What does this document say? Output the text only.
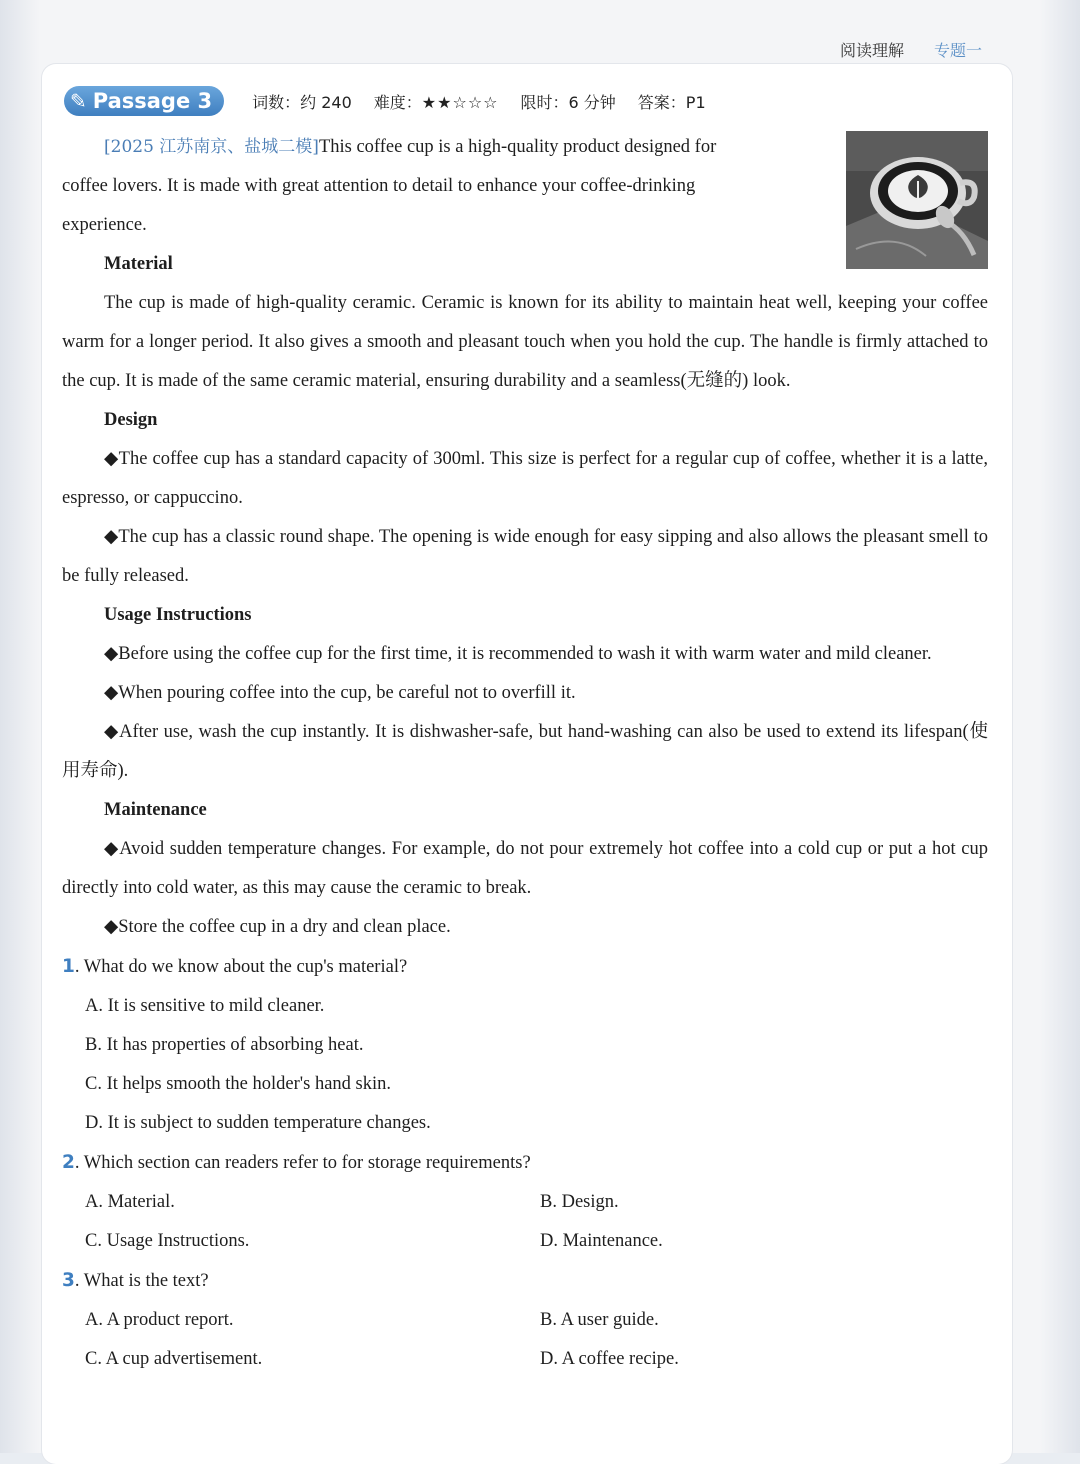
阅读理解 专题一
✎ Passage 3	词数：约 240 难度：★★☆☆☆ 限时：6 分钟 答案：P1

[2025 江苏南京、盐城二模]This coffee cup is a high-quality product designed for

coffee lovers. It is made with great attention to detail to enhance your coffee-drinking

experience.

Material

The cup is made of high-quality ceramic. Ceramic is known for its ability to maintain heat well, keeping your coffee warm for a longer period. It also gives a smooth and pleasant touch when you hold the cup. The handle is firmly attached to the cup. It is made of the same ceramic material, ensuring durability and a seamless(无缝的) look.

Design

◆The coffee cup has a standard capacity of 300ml. This size is perfect for a regular cup of coffee, whether it is a latte, espresso, or cappuccino.

◆The cup has a classic round shape. The opening is wide enough for easy sipping and also allows the pleasant smell to be fully released.

Usage Instructions

◆Before using the coffee cup for the first time, it is recommended to wash it with warm water and mild cleaner.

◆When pouring coffee into the cup, be careful not to overfill it.

◆After use, wash the cup instantly. It is dishwasher-safe, but hand-washing can also be used to extend its lifespan(使用寿命).

Maintenance

◆Avoid sudden temperature changes. For example, do not pour extremely hot coffee into a cold cup or put a hot cup directly into cold water, as this may cause the ceramic to break.

◆Store the coffee cup in a dry and clean place.

1. What do we know about the cup's material?

A. It is sensitive to mild cleaner.

B. It has properties of absorbing heat.

C. It helps smooth the holder's hand skin.

D. It is subject to sudden temperature changes.

2. Which section can readers refer to for storage requirements?

A. Material.	B. Design.
C. Usage Instructions.	D. Maintenance.

3. What is the text?

A. A product report.	B. A user guide.
C. A cup advertisement.	D. A coffee recipe.
